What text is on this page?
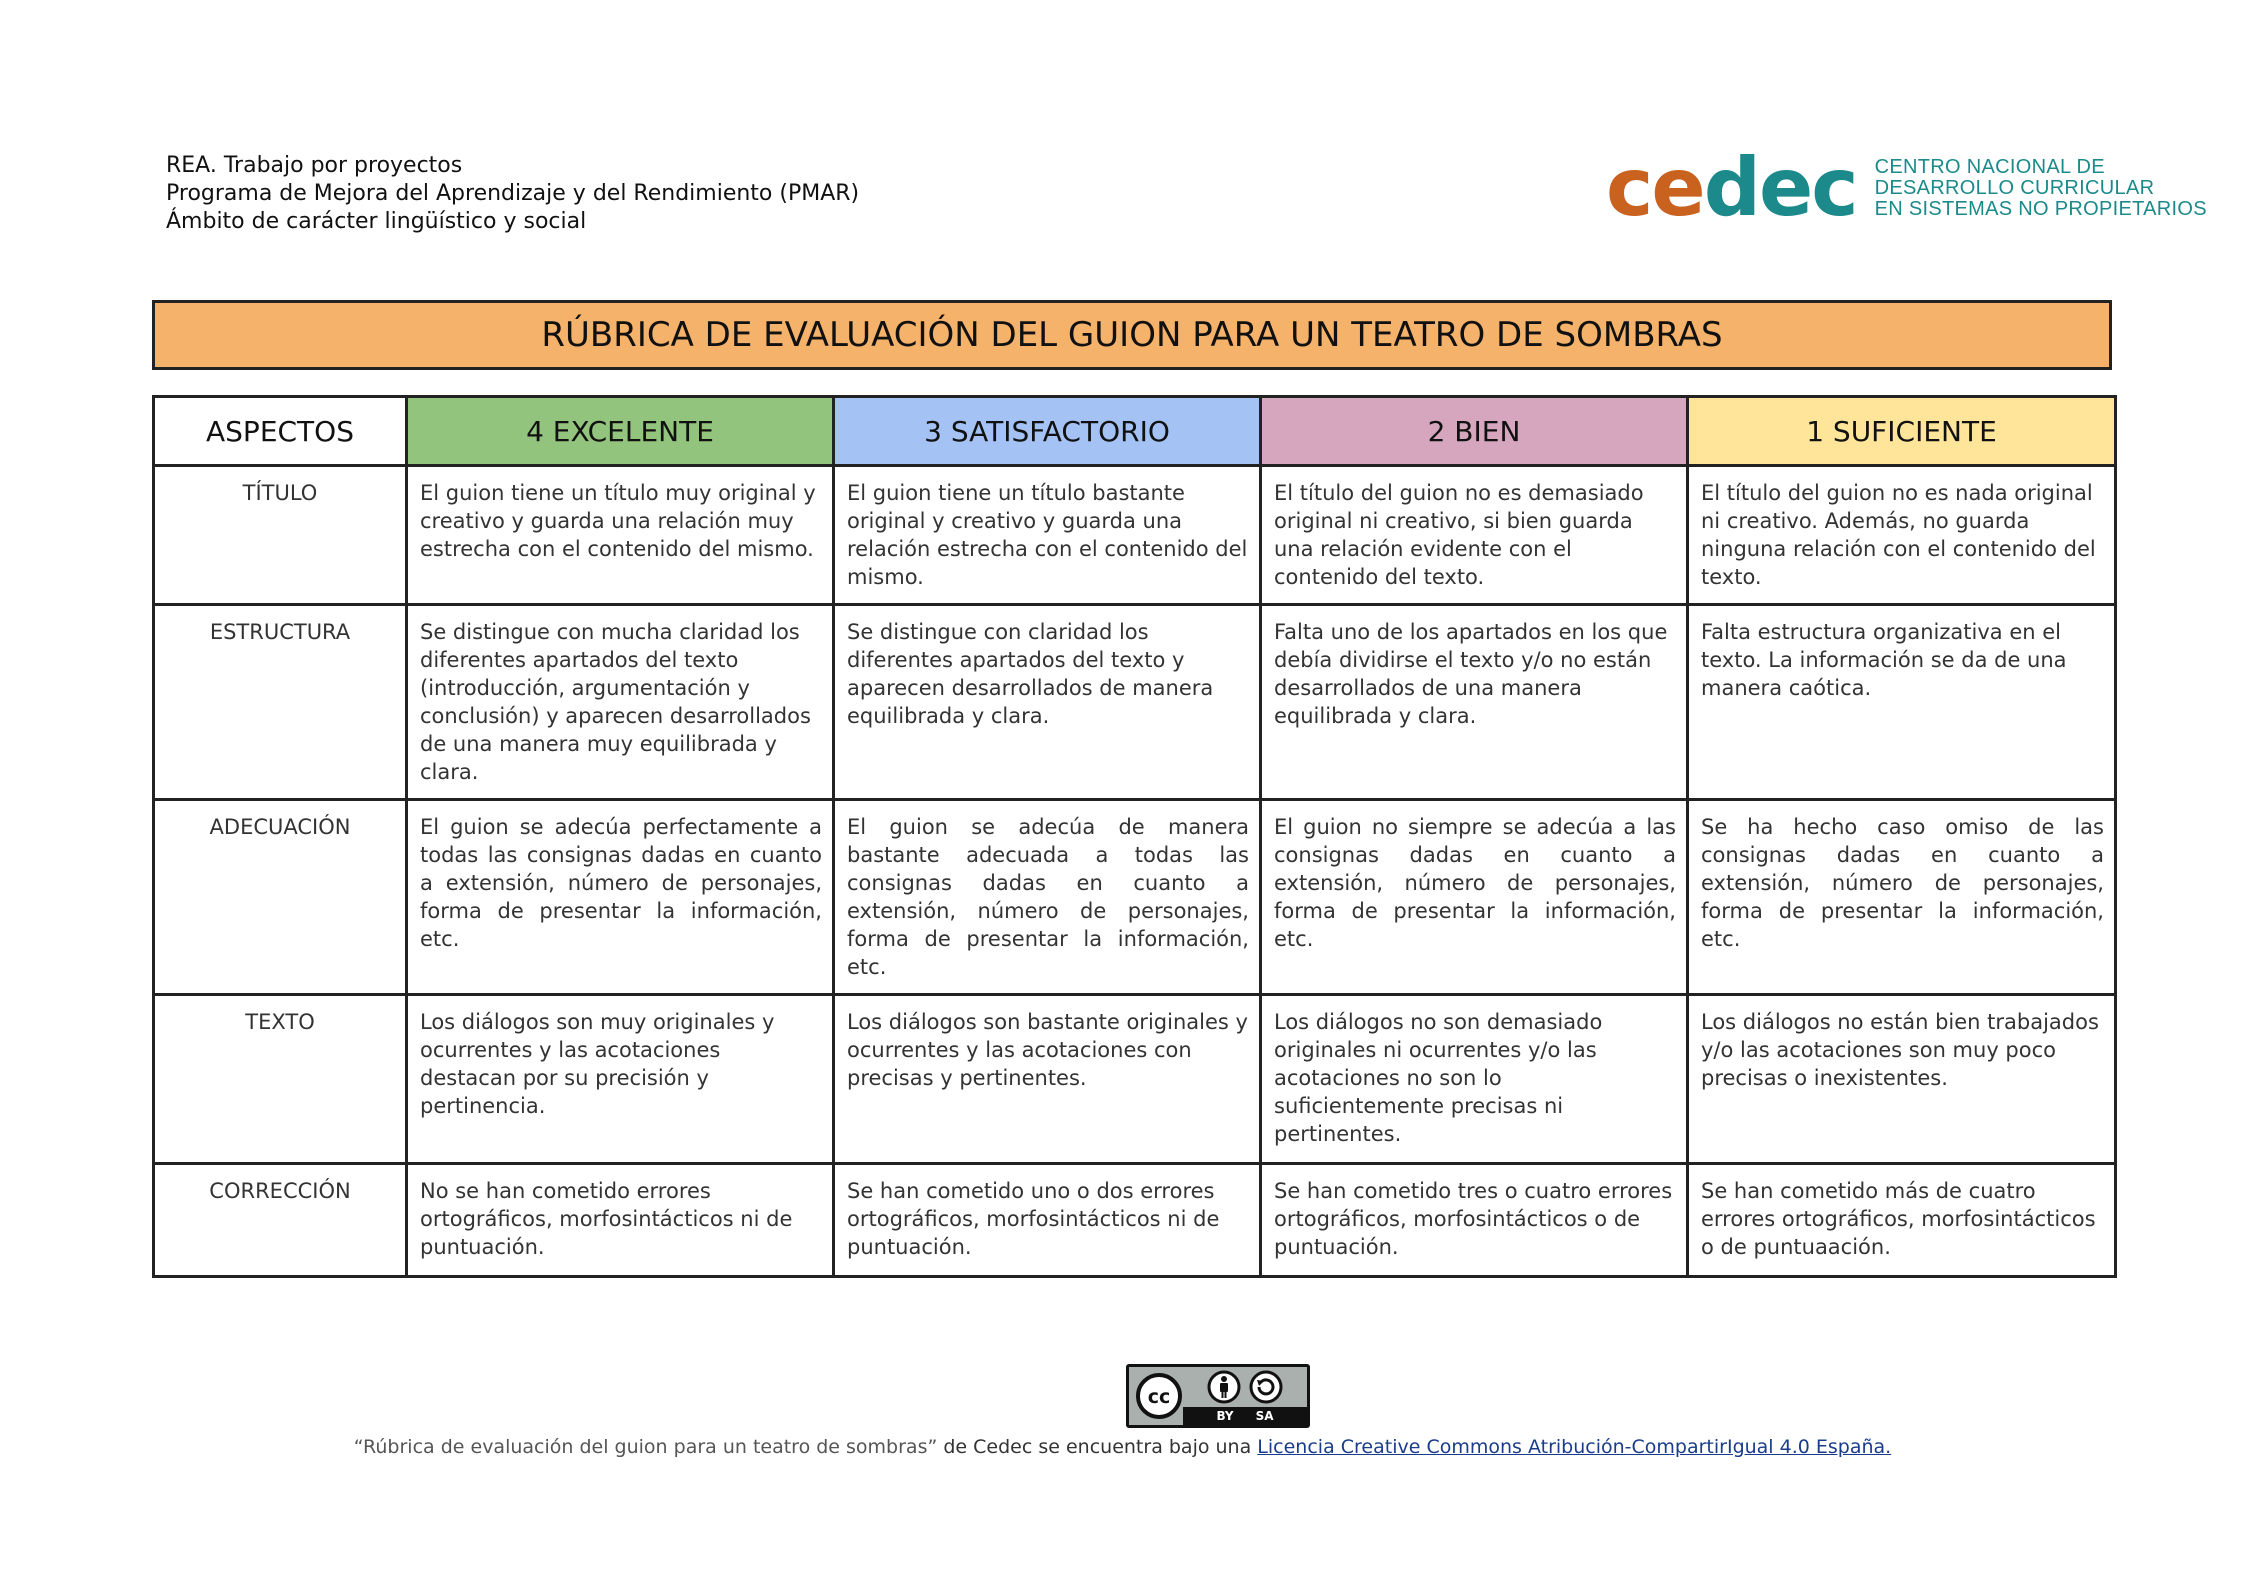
REA. Trabajo por proyectos
Programa de Mejora del Aprendizaje y del Rendimiento (PMAR)
Ámbito de carácter lingüístico y social	cedec CENTRO NACIONAL DE
DESARROLLO CURRICULAR
EN SISTEMAS NO PROPIETARIOS
RÚBRICA DE EVALUACIÓN DEL GUION PARA UN TEATRO DE SOMBRAS
ASPECTOS	4 EXCELENTE	3 SATISFACTORIO	2 BIEN	1 SUFICIENTE
TÍTULO	El guion tiene un título muy original y creativo y guarda una relación muy estrecha con el contenido del mismo.	El guion tiene un título bastante original y creativo y guarda una relación estrecha con el contenido del mismo.	El título del guion no es demasiado original ni creativo, si bien guarda una relación evidente con el contenido del texto.	El título del guion no es nada original ni creativo. Además, no guarda ninguna relación con el contenido del texto.
ESTRUCTURA	Se distingue con mucha claridad los diferentes apartados del texto (introducción, argumentación y conclusión) y aparecen desarrollados de una manera muy equilibrada y clara.	Se distingue con claridad los diferentes apartados del texto y aparecen desarrollados de manera equilibrada y clara.	Falta uno de los apartados en los que debía dividirse el texto y/o no están desarrollados de una manera equilibrada y clara.	Falta estructura organizativa en el texto. La información se da de una manera caótica.
ADECUACIÓN	El guion se adecúa perfectamente a todas las consignas dadas en cuanto a extensión, número de personajes, forma de presentar la información, etc.	El guion se adecúa de manera bastante adecuada a todas las consignas dadas en cuanto a extensión, número de personajes, forma de presentar la información, etc.	El guion no siempre se adecúa a las consignas dadas en cuanto a extensión, número de personajes, forma de presentar la información, etc.	Se ha hecho caso omiso de las consignas dadas en cuanto a extensión, número de personajes, forma de presentar la información, etc.
TEXTO	Los diálogos son muy originales y ocurrentes y las acotaciones destacan por su precisión y pertinencia.	Los diálogos son bastante originales y ocurrentes y las acotaciones con precisas y pertinentes.	Los diálogos no son demasiado originales ni ocurrentes y/o las acotaciones no son lo suficientemente precisas ni pertinentes.	Los diálogos no están bien trabajados y/o las acotaciones son muy poco precisas o inexistentes.
CORRECCIÓN	No se han cometido errores ortográficos, morfosintácticos ni de puntuación.	Se han cometido uno o dos errores ortográficos, morfosintácticos ni de puntuación.	Se han cometido tres o cuatro errores ortográficos, morfosintácticos o de puntuación.	Se han cometido más de cuatro errores ortográficos, morfosintácticos o de puntuaación.
cc
BY SA
“Rúbrica de evaluación del guion para un teatro de sombras” de Cedec se encuentra bajo una Licencia Creative Commons Atribución-CompartirIgual 4.0 España.
